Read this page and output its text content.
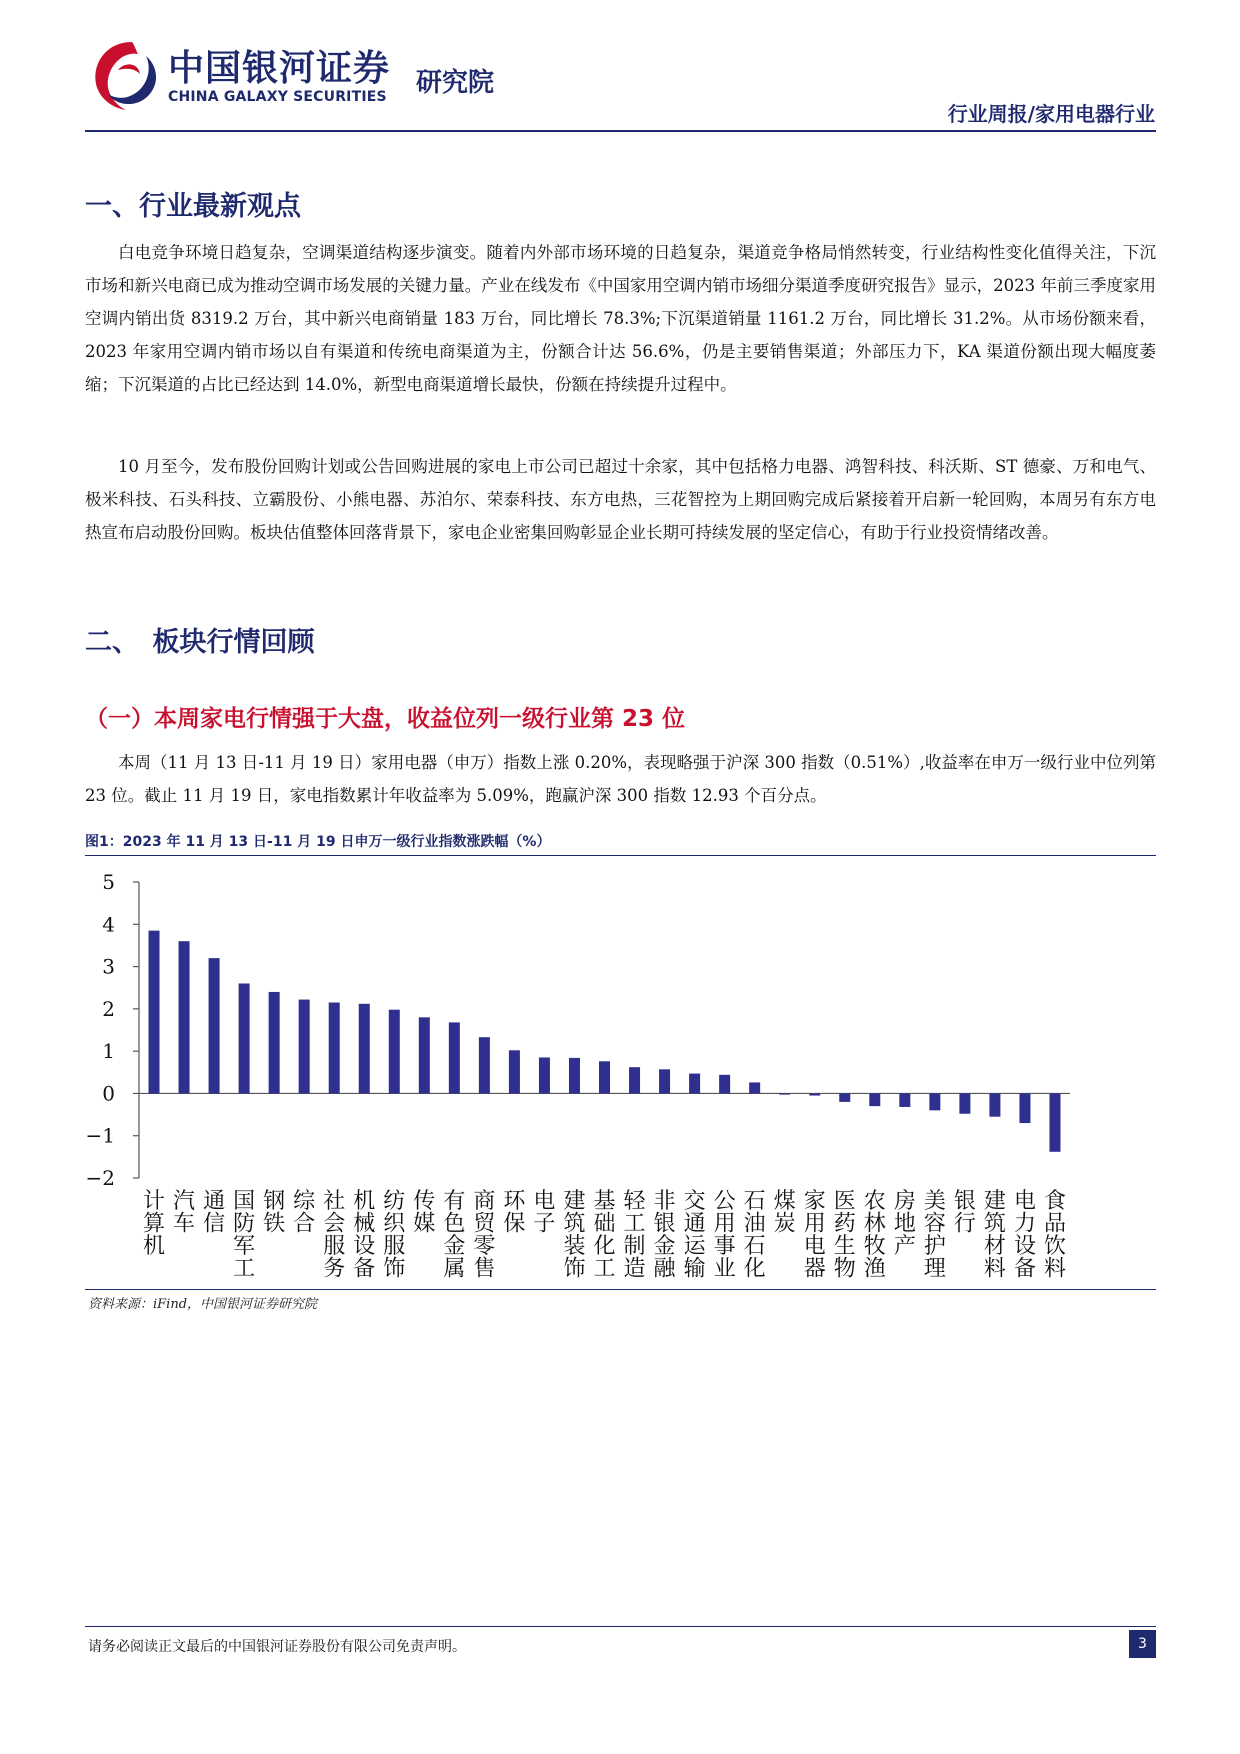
中国银河证券
CHINA GALAXY SECURITIES 研究院
行业周报/家用电器行业
一、行业最新观点

白电竞争环境日趋复杂，空调渠道结构逐步演变。随着内外部市场环境的日趋复杂，渠道竞争格局悄然转变，行业结构性变化值得关注，下沉市场和新兴电商已成为推动空调市场发展的关键力量。产业在线发布《中国家用空调内销市场细分渠道季度研究报告》显示，2023 年前三季度家用空调内销出货 8319.2 万台，其中新兴电商销量 183 万台，同比增长 78.3%;下沉渠道销量 1161.2 万台，同比增长 31.2%。从市场份额来看，2023 年家用空调内销市场以自有渠道和传统电商渠道为主，份额合计达 56.6%，仍是主要销售渠道；外部压力下，KA 渠道份额出现大幅度萎缩；下沉渠道的占比已经达到 14.0%，新型电商渠道增长最快，份额在持续提升过程中。

10 月至今，发布股份回购计划或公告回购进展的家电上市公司已超过十余家，其中包括格力电器、鸿智科技、科沃斯、ST 德豪、万和电气、极米科技、石头科技、立霸股份、小熊电器、苏泊尔、荣泰科技、东方电热，三花智控为上期回购完成后紧接着开启新一轮回购，本周另有东方电热宣布启动股份回购。板块估值整体回落背景下，家电企业密集回购彰显企业长期可持续发展的坚定信心，有助于行业投资情绪改善。

二、　板块行情回顾
（一）本周家电行情强于大盘，收益位列一级行业第 23 位

本周（11 月 13 日-11 月 19 日）家用电器（申万）指数上涨 0.20%，表现略强于沪深 300 指数（0.51%）,收益率在申万一级行业中位列第 23 位。截止 11 月 19 日，家电指数累计年收益率为 5.09%，跑赢沪深 300 指数 12.93 个百分点。

图1：2023 年 11 月 13 日-11 月 19 日申万一级行业指数涨跌幅（%）
5
4
3
2
1
0
−1
−2
计算机
汽车
通信
国防军工
钢铁
综合
社会服务
机械设备
纺织服饰
传媒
有色金属
商贸零售
环保
电子
建筑装饰
基础化工
轻工制造
非银金融
交通运输
公用事业
石油石化
煤炭
家用电器
医药生物
农林牧渔
房地产
美容护理
银行
建筑材料
电力设备
食品饮料
资料来源：iFind，中国银河证券研究院
请务必阅读正文最后的中国银河证券股份有限公司免责声明。	3
